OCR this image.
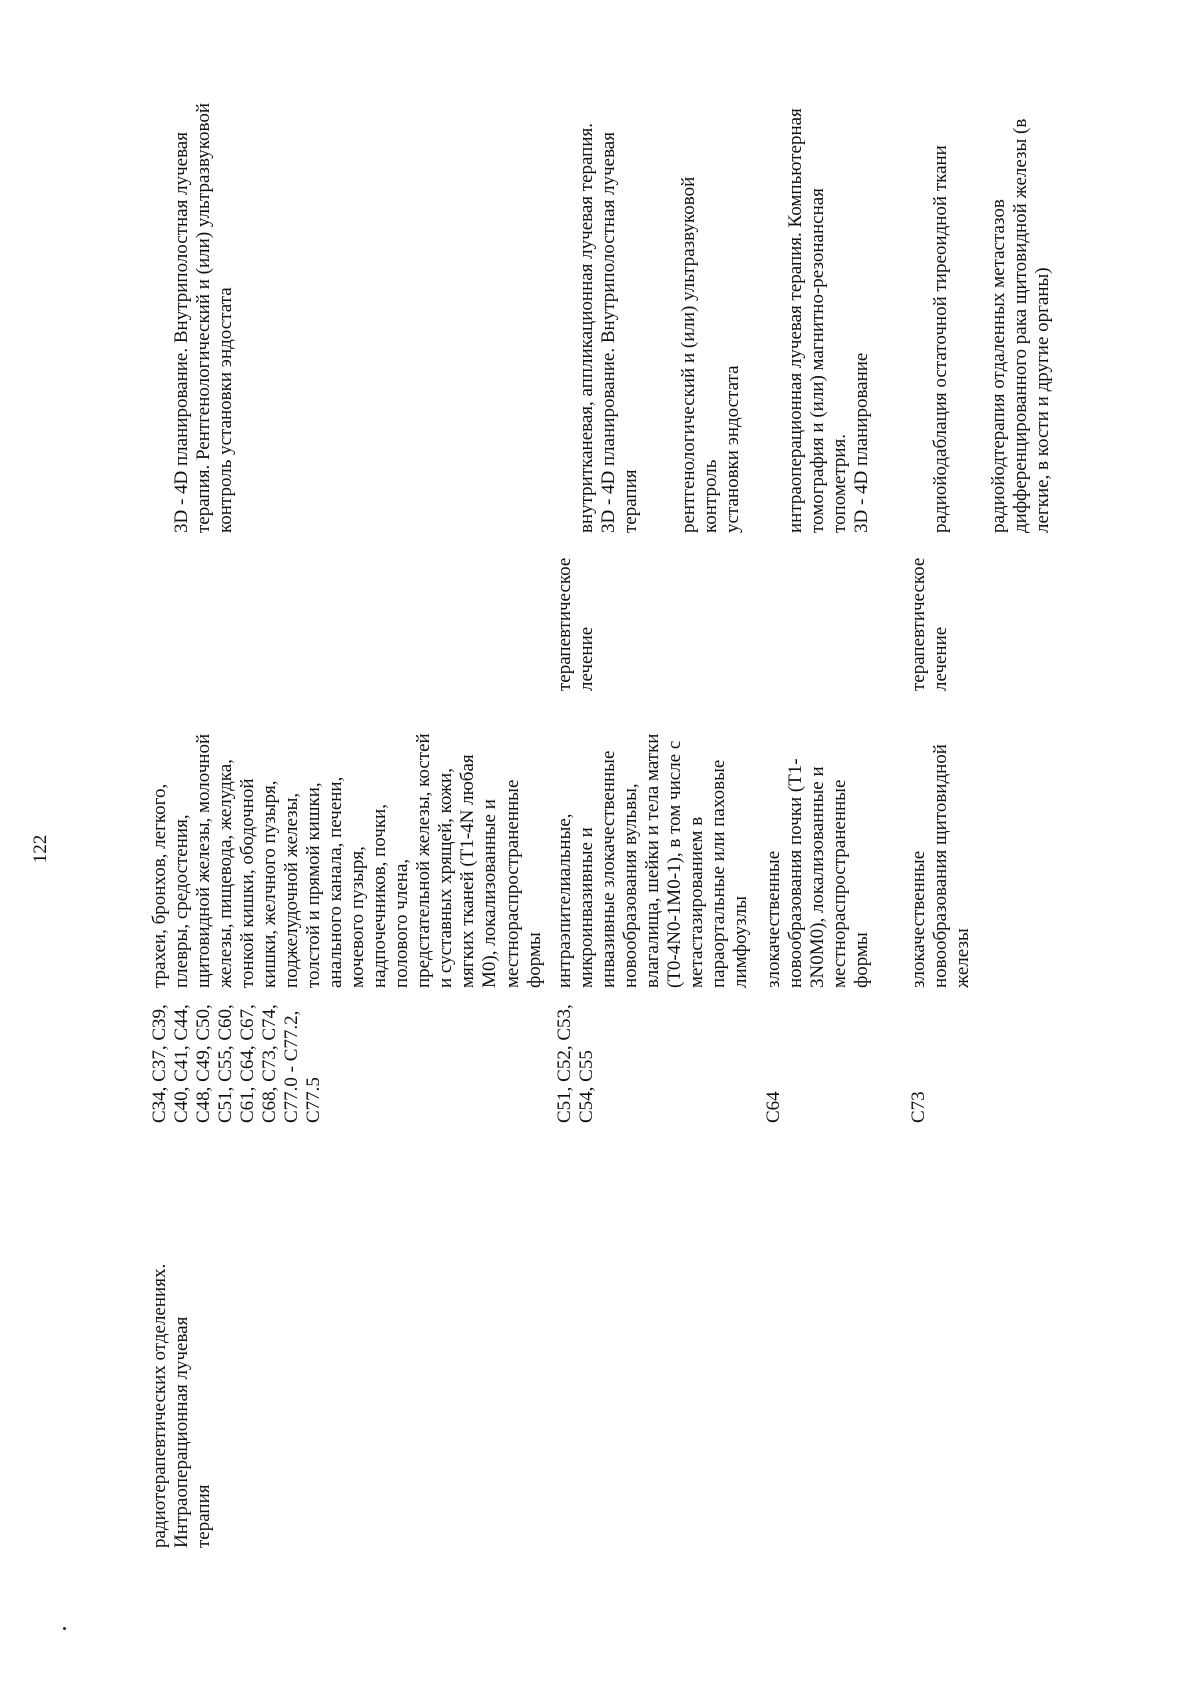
122
радиотерапевтических отделениях.
Интраоперационная лучевая
терапия
C34, C37, C39,
C40, C41, C44,
C48, C49, C50,
C51, C55, C60,
C61, C64, C67,
C68, C73, C74,
C77.0 - C77.2,
C77.5
трахеи, бронхов, легкого,
плевры, средостения,
щитовидной железы, молочной
железы, пищевода, желудка,
тонкой кишки, ободочной
кишки, желчного пузыря,
поджелудочной железы,
толстой и прямой кишки,
анального канала, печени,
мочевого пузыря,
надпочечников, почки,
полового члена,
предстательной железы, костей
и суставных хрящей, кожи,
мягких тканей (T1-4N любая
M0), локализованные и
местнораспространенные
формы

3D - 4D планирование. Внутриполостная лучевая
терапия. Рентгенологический и (или) ультразвуковой
контроль установки эндостата

C51, C52, C53,
C54, C55
интраэпителиальные,
микроинвазивные и
инвазивные злокачественные
новообразования вульвы,
влагалища, шейки и тела матки
(T0-4N0-1M0-1), в том числе с
метастазированием в
параортальные или паховые
лимфоузлы
терапевтическое
лечение

внутритканевая, аппликационная лучевая терапия.
3D - 4D планирование. Внутриполостная лучевая
терапия рентгенологический и (или) ультразвуковой контроль
установки эндостата

C64
злокачественные
новообразования почки (T1-
3N0M0), локализованные и
местнораспространенные
формы

интраоперационная лучевая терапия. Компьютерная
томография и (или) магнитно-резонансная топометрия.
3D - 4D планирование

C73
злокачественные
новообразования щитовидной
железы
терапевтическое
лечение

радиойодаблация остаточной тиреоидной ткани радиойодтерапия отдаленных метастазов
дифференцированного рака щитовидной железы (в
легкие, в кости и другие органы)
